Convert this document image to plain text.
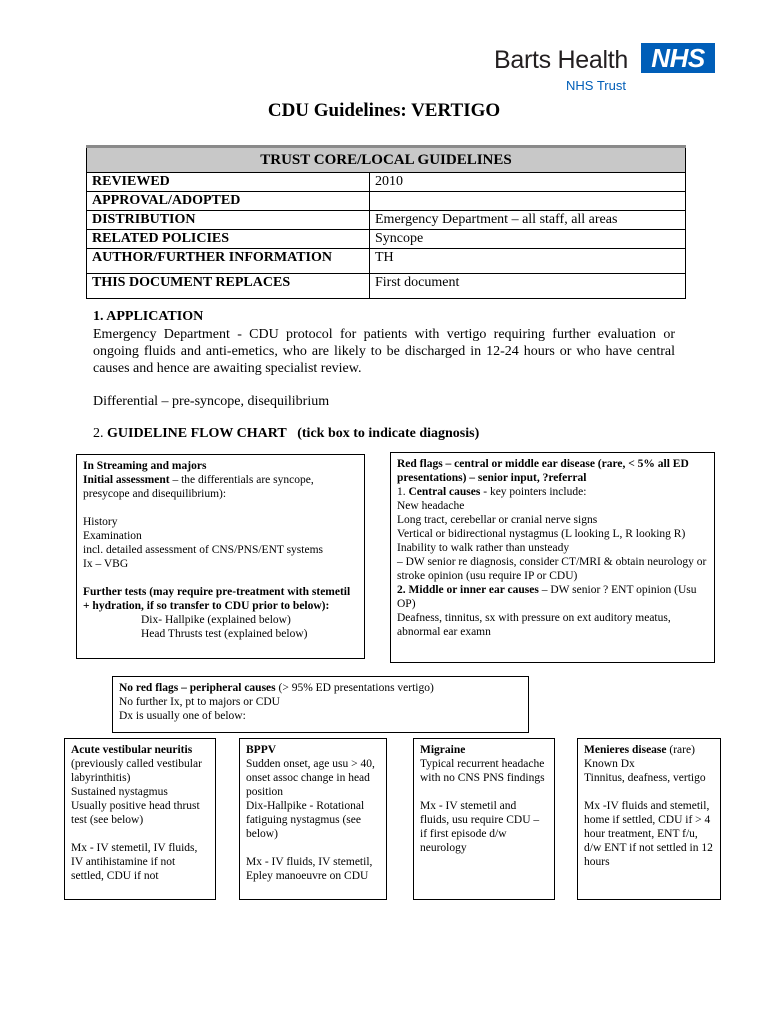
Barts Health
NHS Trust
NHS
CDU Guidelines: VERTIGO
TRUST CORE/LOCAL GUIDELINES	
REVIEWED	2010
APPROVAL/ADOPTED	
DISTRIBUTION	Emergency Department – all staff, all areas
RELATED POLICIES	Syncope
AUTHOR/FURTHER INFORMATION	TH
THIS DOCUMENT REPLACES	First document
1. APPLICATION
Emergency Department - CDU protocol for patients with vertigo requiring further evaluation or ongoing fluids and anti-emetics, who are likely to be discharged in 12-24 hours or who have central causes and hence are awaiting specialist review.
Differential – pre-syncope, disequilibrium
2. GUIDELINE FLOW CHART (tick box to indicate diagnosis)

In Streaming and majors

Initial assessment – the differentials are syncope, presycope and disequilibrium):

History

Examination

incl. detailed assessment of CNS/PNS/ENT systems

Ix – VBG

Further tests (may require pre-treatment with stemetil + hydration, if so transfer to CDU prior to below):

Dix- Hallpike (explained below)

Head Thrusts test (explained below)

Red flags – central or middle ear disease (rare, < 5% all ED presentations) – senior input, ?referral

1. Central causes - key pointers include:

New headache

Long tract, cerebellar or cranial nerve signs

Vertical or bidirectional nystagmus (L looking L, R looking R)

Inability to walk rather than unsteady

– DW senior re diagnosis, consider CT/MRI & obtain neurology or stroke opinion (usu require IP or CDU)

2. Middle or inner ear causes – DW senior ? ENT opinion (Usu OP)

Deafness, tinnitus, sx with pressure on ext auditory meatus, abnormal ear examn

No red flags – peripheral causes (> 95% ED presentations vertigo)

No further Ix, pt to majors or CDU

Dx is usually one of below:

Acute vestibular neuritis (previously called vestibular labyrinthitis)

Sustained nystagmus

Usually positive head thrust test (see below)

Mx - IV stemetil, IV fluids, IV antihistamine if not settled, CDU if not

BPPV

Sudden onset, age usu > 40, onset assoc change in head position

Dix-Hallpike - Rotational fatiguing nystagmus (see below)

Mx - IV fluids, IV stemetil, Epley manoeuvre on CDU

Migraine

Typical recurrent headache with no CNS PNS findings

Mx - IV stemetil and fluids, usu require CDU – if first episode d/w neurology

Menieres disease (rare)

Known Dx

Tinnitus, deafness, vertigo

Mx -IV fluids and stemetil, home if settled, CDU if > 4 hour treatment, ENT f/u, d/w ENT if not settled in 12 hours
